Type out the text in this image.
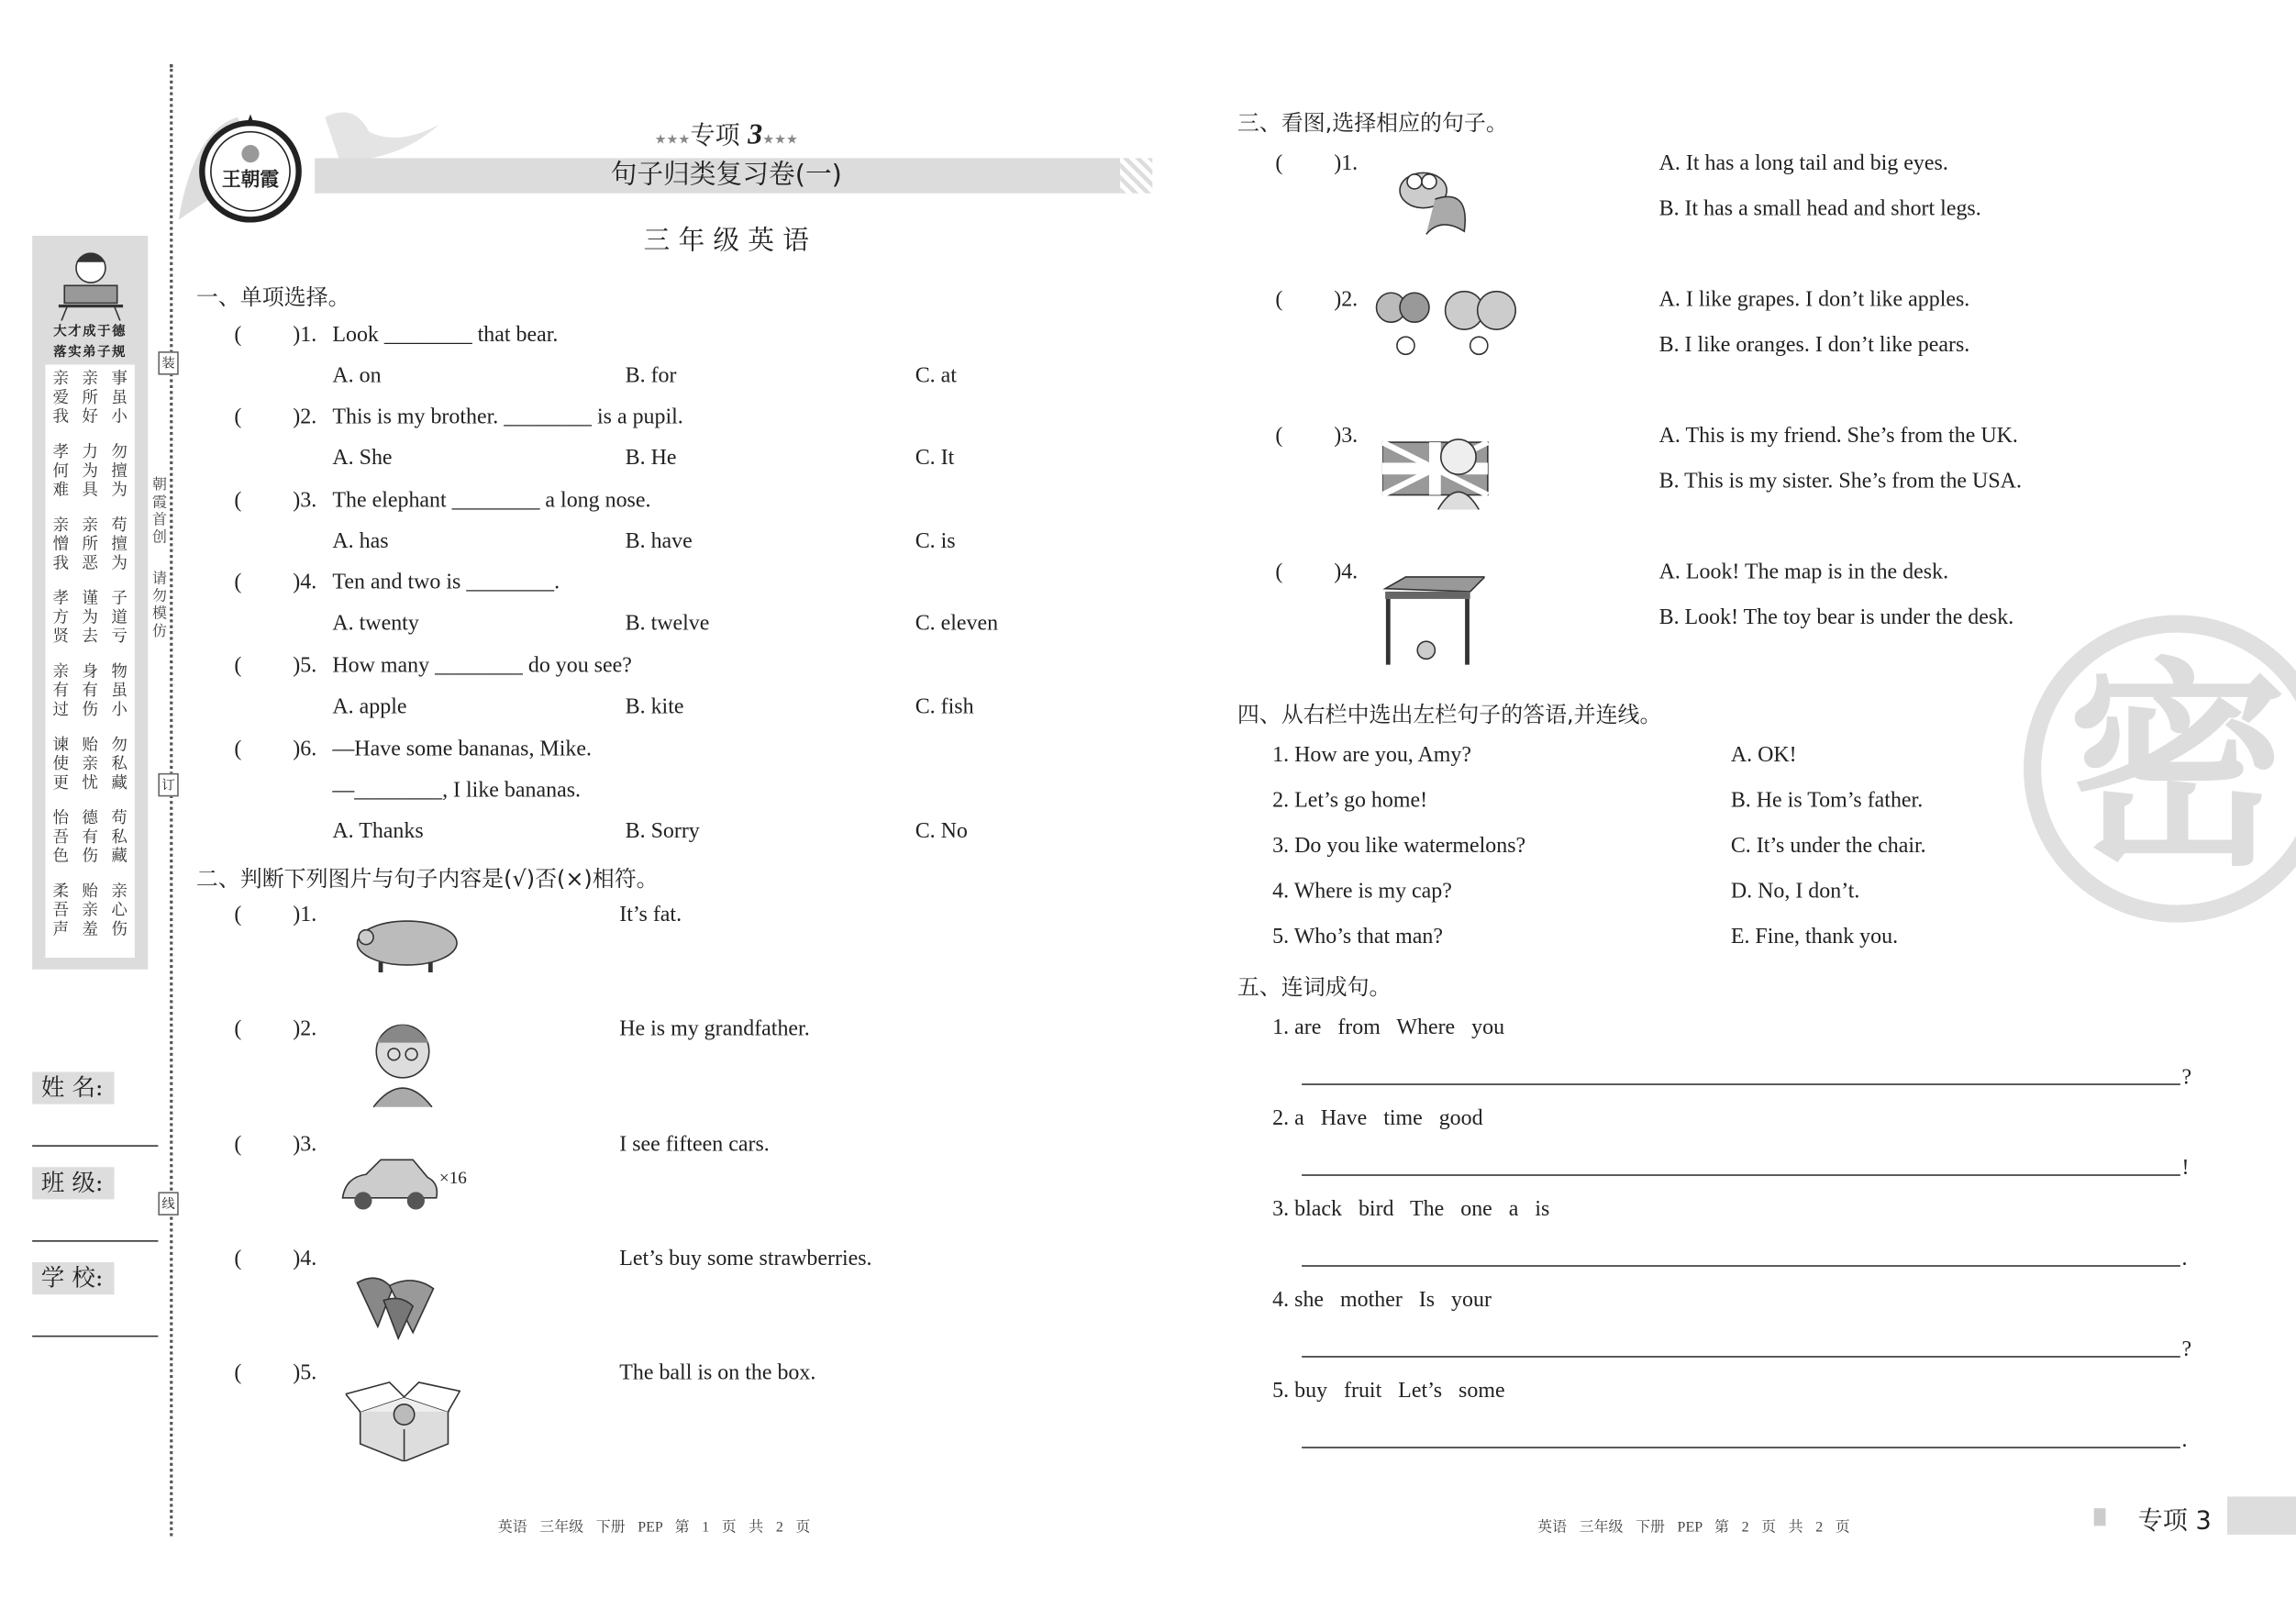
大才成于德
落实弟子规
亲爱我
亲所好
事虽小
孝何难
力为具
勿擅为
亲憎我
亲所恶
苟擅为
孝方贤
谨为去
子道亏
亲有过
身有伤
物虽小
谏使更
贻亲忧
勿私藏
怡吾色
德有伤
苟私藏
柔吾声
贻亲羞
亲心伤
装
订
线
朝霞首创
请勿模仿
姓 名:
班 级:
学 校:
王朝霞
★★★专项 3★★★
句子归类复习卷(一)
三 年 级 英 语
一、单项选择。
(	)1. Look ________ that bear.
A. on	B. for	C. at
(	)2. This is my brother. ________ is a pupil.
A. She	B. He	C. It
(	)3. The elephant ________ a long nose.
A. has	B. have	C. is
(	)4. Ten and two is ________.
A. twenty	B. twelve	C. eleven
(	)5. How many ________ do you see?
A. apple	B. kite	C. fish
(	)6. —Have some bananas, Mike.
—________, I like bananas.
A. Thanks	B. Sorry	C. No
二、判断下列图片与句子内容是(√)否(×)相符。
(	)1.	It’s fat.
(	)2.	He is my grandfather.
(	)3.
×16
I see fifteen cars.
(	)4.	Let’s buy some strawberries.
(	)5.	The ball is on the box.
三、看图,选择相应的句子。
(	)1.	A. It has a long tail and big eyes.
B. It has a small head and short legs.
(	)2.	A. I like grapes. I don’t like apples.
B. I like oranges. I don’t like pears.
(	)3.	A. This is my friend. She’s from the UK.
B. This is my sister. She’s from the USA.
(	)4.	A. Look! The map is in the desk.
B. Look! The toy bear is under the desk.
四、从右栏中选出左栏句子的答语,并连线。
1. How are you, Amy?	A. OK!
2. Let’s go home!	B. He is Tom’s father.
3. Do you like watermelons?	C. It’s under the chair.
4. Where is my cap?	D. No, I don’t.
5. Who’s that man?	E. Fine, thank you.
五、连词成句。
1. are   from   Where   you
?
2. a   Have   time   good
!
3. black   bird   The   one   a   is
.
4. she   mother   Is   your
?
5. buy   fruit   Let’s   some
.
密
英语 三年级 下册 PEP 第 1 页 共 2 页	英语 三年级 下册 PEP 第 2 页 共 2 页	专项 3
